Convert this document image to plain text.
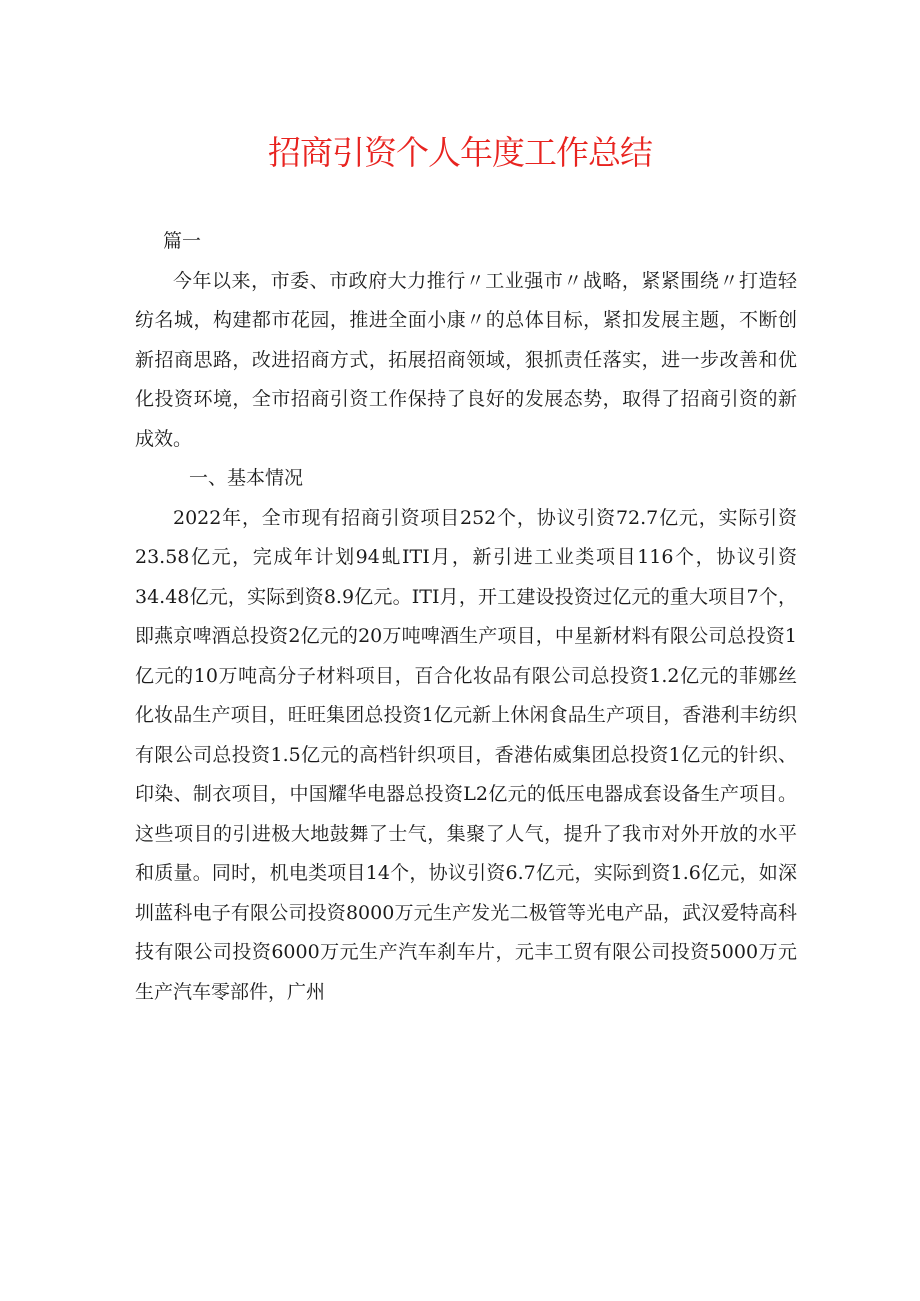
招商引资个人年度工作总结

篇一

今年以来，市委、市政府大力推行〃工业强市〃战略，紧紧围绕〃打造轻纺名城，构建都市花园，推进全面小康〃的总体目标，紧扣发展主题，不断创新招商思路，改进招商方式，拓展招商领域，狠抓责任落实，进一步改善和优化投资环境，全市招商引资工作保持了良好的发展态势，取得了招商引资的新成效。

一、基本情况

2022年，全市现有招商引资项目252个，协议引资72.7亿元，实际引资23.58亿元，完成年计划94虬ITI月，新引进工业类项目116个，协议引资34.48亿元，实际到资8.9亿元。ITI月，开工建设投资过亿元的重大项目7个，即燕京啤酒总投资2亿元的20万吨啤酒生产项目，中星新材料有限公司总投资1亿元的10万吨高分子材料项目，百合化妆品有限公司总投资1.2亿元的菲娜丝化妆品生产项目，旺旺集团总投资1亿元新上休闲食品生产项目，香港利丰纺织有限公司总投资1.5亿元的高档针织项目，香港佑威集团总投资1亿元的针织、印染、制衣项目，中国耀华电器总投资L2亿元的低压电器成套设备生产项目。这些项目的引进极大地鼓舞了士气，集聚了人气，提升了我市对外开放的水平和质量。同时，机电类项目14个，协议引资6.7亿元，实际到资1.6亿元，如深圳蓝科电子有限公司投资8000万元生产发光二极管等光电产品，武汉爱特高科技有限公司投资6000万元生产汽车刹车片，元丰工贸有限公司投资5000万元生产汽车零部件，广州
